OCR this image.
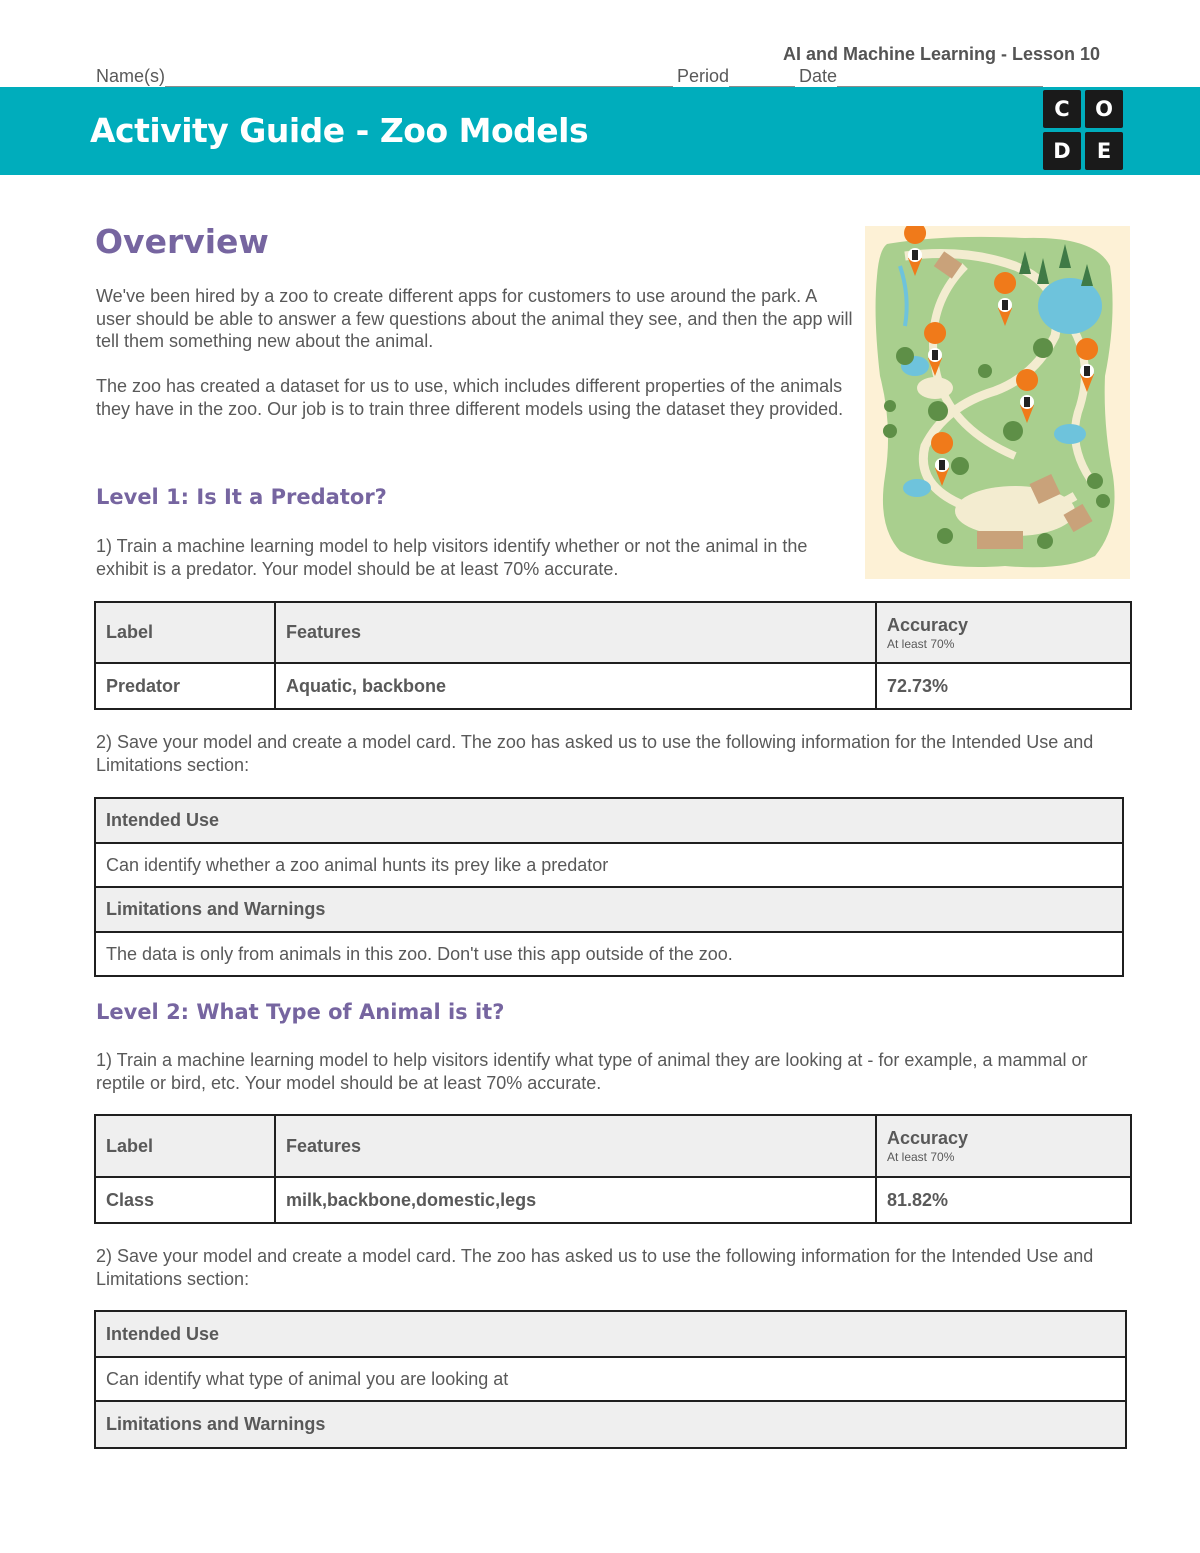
AI and Machine Learning - Lesson 10
Name(s)	Period	Date
Activity Guide - Zoo Models
C	O
D	E
Overview
We've been hired by a zoo to create different apps for customers to use around the park. A user should be able to answer a few questions about the animal they see, and then the app will tell them something new about the animal.
The zoo has created a dataset for us to use, which includes different properties of the animals they have in the zoo. Our job is to train three different models using the dataset they provided.
Level 1: Is It a Predator?
1) Train a machine learning model to help visitors identify whether or not the animal in the exhibit is a predator. Your model should be at least 70% accurate.
Label	Features	Accuracy
At least 70%

Predator	Aquatic, backbone	72.73%
2) Save your model and create a model card. The zoo has asked us to use the following information for the Intended Use and Limitations section:
Intended Use
Can identify whether a zoo animal hunts its prey like a predator
Limitations and Warnings
The data is only from animals in this zoo. Don't use this app outside of the zoo.
Level 2: What Type of Animal is it?
1) Train a machine learning model to help visitors identify what type of animal they are looking at - for example, a mammal or reptile or bird, etc. Your model should be at least 70% accurate.
Label	Features	Accuracy
At least 70%

Class	milk,backbone,domestic,legs	81.82%
2) Save your model and create a model card. The zoo has asked us to use the following information for the Intended Use and Limitations section:
Intended Use
Can identify what type of animal you are looking at
Limitations and Warnings
